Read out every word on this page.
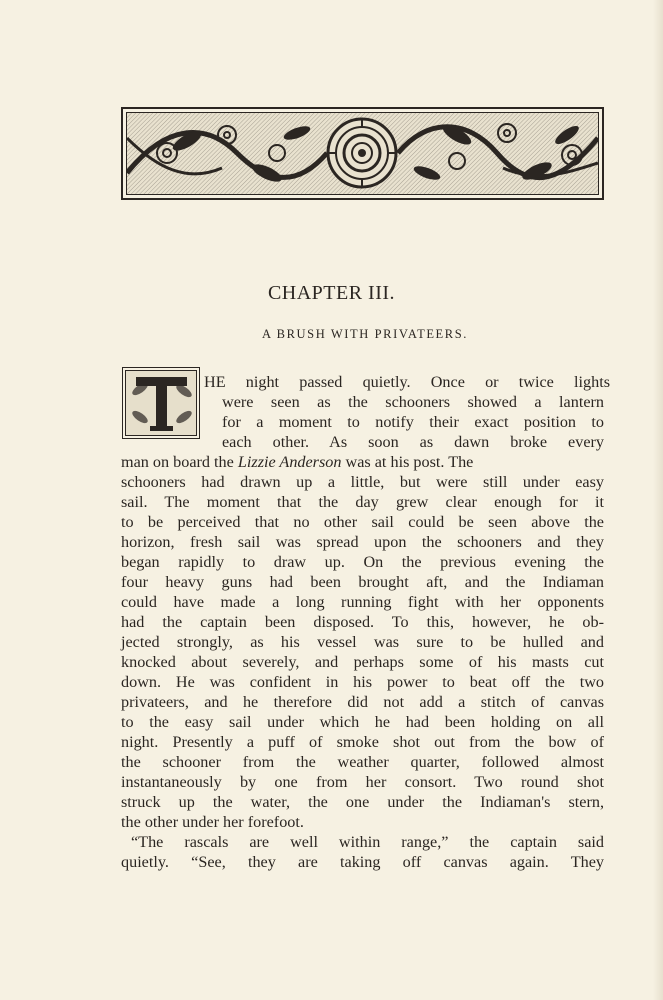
CHAPTER III.
A BRUSH WITH PRIVATEERS.

HE night passed quietly. Once or twice lights

were seen as the schooners showed a lantern

for a moment to notify their exact position to

each other. As soon as dawn broke every

man on board the Lizzie Anderson was at his post. The

schooners had drawn up a little, but were still under easy

sail. The moment that the day grew clear enough for it

to be perceived that no other sail could be seen above the

horizon, fresh sail was spread upon the schooners and they

began rapidly to draw up. On the previous evening the

four heavy guns had been brought aft, and the Indiaman

could have made a long running fight with her opponents

had the captain been disposed. To this, however, he ob-

jected strongly, as his vessel was sure to be hulled and

knocked about severely, and perhaps some of his masts cut

down. He was confident in his power to beat off the two

privateers, and he therefore did not add a stitch of canvas

to the easy sail under which he had been holding on all

night. Presently a puff of smoke shot out from the bow of

the schooner from the weather quarter, followed almost

instantaneously by one from her consort. Two round shot

struck up the water, the one under the Indiaman's stern,

the other under her forefoot.

“The rascals are well within range,” the captain said

quietly. “See, they are taking off canvas again. They
